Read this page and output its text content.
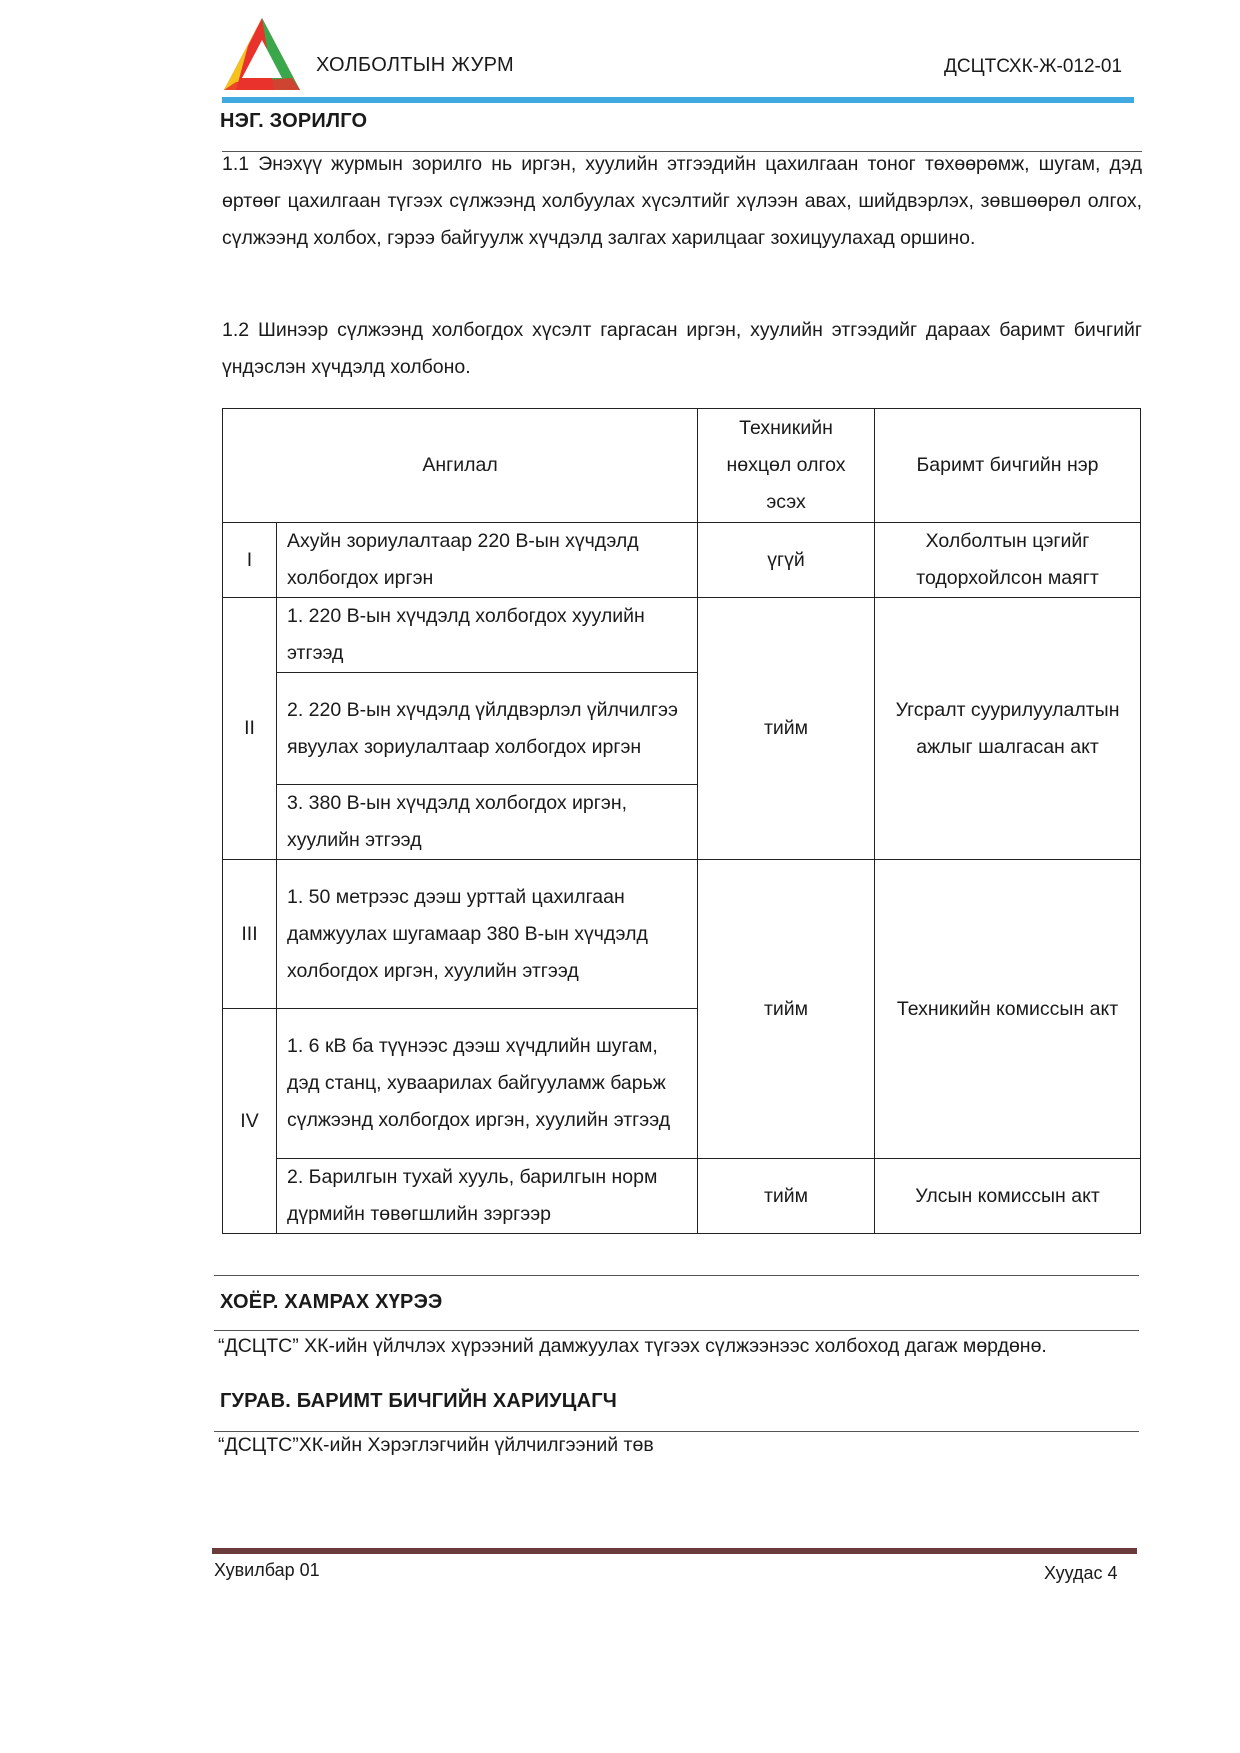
ХОЛБОЛТЫН ЖУРМ	ДСЦТСХК-Ж-012-01
НЭГ. ЗОРИЛГО
1.1 Энэхүү журмын зорилго нь иргэн, хуулийн этгээдийн цахилгаан тоног төхөөрөмж, шугам, дэд өртөөг цахилгаан түгээх сүлжээнд холбуулах хүсэлтийг хүлээн авах, шийдвэрлэх, зөвшөөрөл олгох, сүлжээнд холбох, гэрээ байгуулж хүчдэлд залгах харилцааг зохицуулахад оршино.
1.2 Шинээр сүлжээнд холбогдох хүсэлт гаргасан иргэн, хуулийн этгээдийг дараах баримт бичгийг үндэслэн хүчдэлд холбоно.
Ангилал		Техникийн нөхцөл олгох эсэх	Баримт бичгийн нэр
I	Ахуйн зориулалтаар 220 В-ын хүчдэлд холбогдох иргэн	үгүй	Холболтын цэгийг тодорхойлсон маягт
II	1. 220 В-ын хүчдэлд холбогдох хуулийн этгээд	тийм	Угсралт суурилуулалтын ажлыг шалгасан акт
	2. 220 В-ын хүчдэлд үйлдвэрлэл үйлчилгээ явуулах зориулалтаар холбогдох иргэн		
	3. 380 В-ын хүчдэлд холбогдох иргэн, хуулийн этгээд		
III	1. 50 метрээс дээш урттай цахилгаан дамжуулах шугамаар 380 В-ын хүчдэлд холбогдох иргэн, хуулийн этгээд	тийм	Техникийн комиссын акт
IV	1. 6 кВ ба түүнээс дээш хүчдлийн шугам, дэд станц, хуваарилах байгууламж барьж сүлжээнд холбогдох иргэн, хуулийн этгээд		
	2. Барилгын тухай хууль, барилгын норм дүрмийн төвөгшлийн зэргээр	тийм	Улсын комиссын акт
ХОЁР. ХАМРАХ ХҮРЭЭ
“ДСЦТС” ХК-ийн үйлчлэх хүрээний дамжуулах түгээх сүлжээнээс холбоход дагаж мөрдөнө.
ГУРАВ. БАРИМТ БИЧГИЙН ХАРИУЦАГЧ
“ДСЦТС”ХК-ийн Хэрэглэгчийн үйлчилгээний төв
Хувилбар 01	Хуудас 4
